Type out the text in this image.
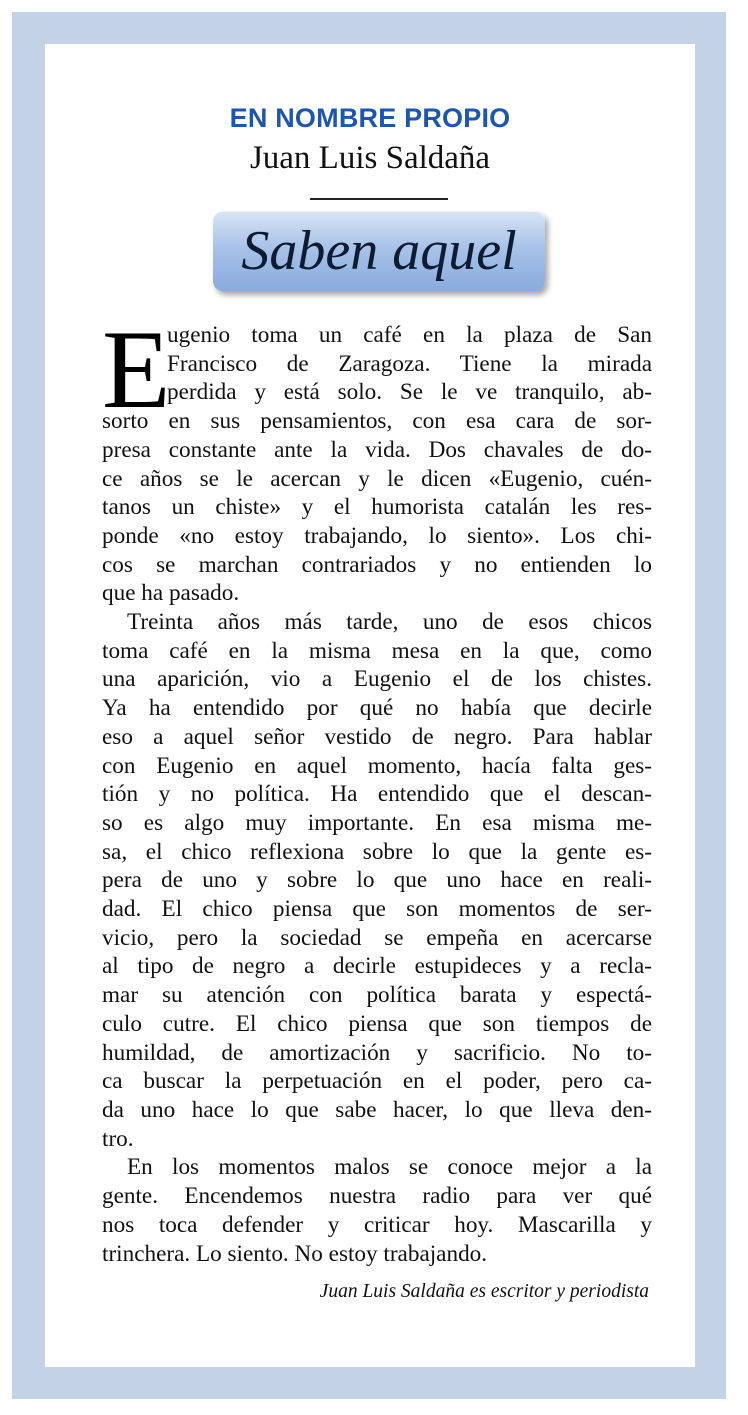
EN NOMBRE PROPIO
Juan Luis Saldaña
Saben aquel
E
ugenio toma un café en la plaza de San
Francisco de Zaragoza. Tiene la mirada
perdida y está solo. Se le ve tranquilo, ab-
sorto en sus pensamientos, con esa cara de sor-
presa constante ante la vida. Dos chavales de do-
ce años se le acercan y le dicen «Eugenio, cuén-
tanos un chiste» y el humorista catalán les res-
ponde «no estoy trabajando, lo siento». Los chi-
cos se marchan contrariados y no entienden lo
que ha pasado.
Treinta años más tarde, uno de esos chicos
toma café en la misma mesa en la que, como
una aparición, vio a Eugenio el de los chistes.
Ya ha entendido por qué no había que decirle
eso a aquel señor vestido de negro. Para hablar
con Eugenio en aquel momento, hacía falta ges-
tión y no política. Ha entendido que el descan-
so es algo muy importante. En esa misma me-
sa, el chico reflexiona sobre lo que la gente es-
pera de uno y sobre lo que uno hace en reali-
dad. El chico piensa que son momentos de ser-
vicio, pero la sociedad se empeña en acercarse
al tipo de negro a decirle estupideces y a recla-
mar su atención con política barata y espectá-
culo cutre. El chico piensa que son tiempos de
humildad, de amortización y sacrificio. No to-
ca buscar la perpetuación en el poder, pero ca-
da uno hace lo que sabe hacer, lo que lleva den-
tro.
En los momentos malos se conoce mejor a la
gente. Encendemos nuestra radio para ver qué
nos toca defender y criticar hoy. Mascarilla y
trinchera. Lo siento. No estoy trabajando.
Juan Luis Saldaña es escritor y periodista
